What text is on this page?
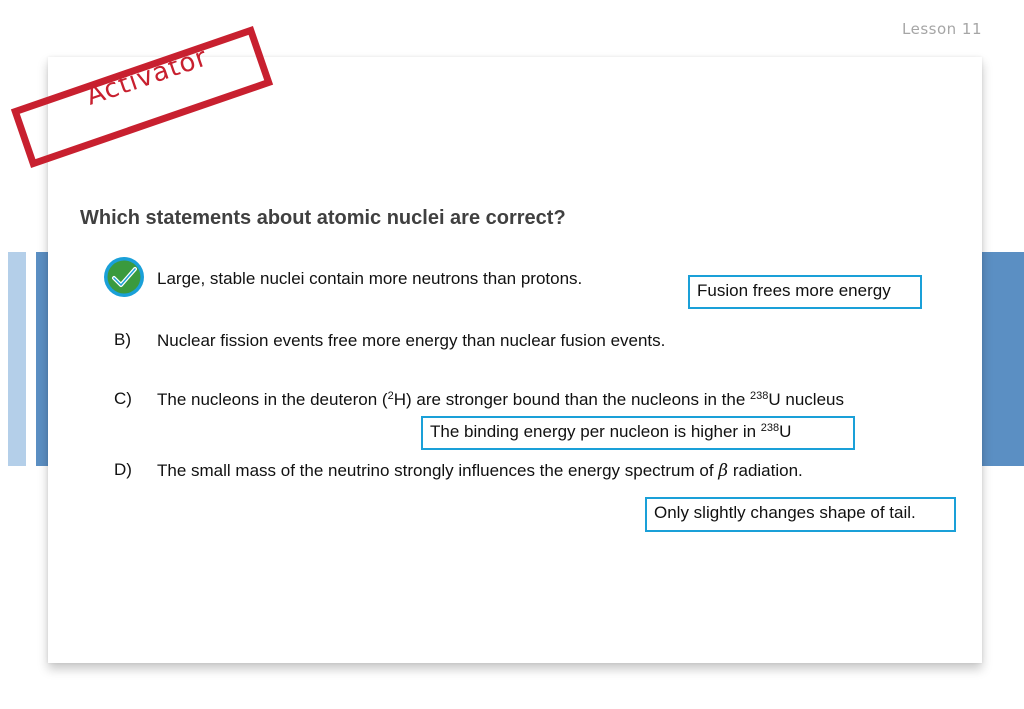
Lesson 11
Activator
Which statements about atomic nuclei are correct?
Large, stable nuclei contain more neutrons than protons.
B) Nuclear fission events free more energy than nuclear fusion events.
C) The nucleons in the deuteron ($^2$H) are stronger bound than the nucleons in the $^{238}$U nucleus
D) The small mass of the neutrino strongly influences the energy spectrum of β radiation.
Fusion frees more energy
The binding energy per nucleon is higher in $^{238}$U
Only slightly changes shape of tail.
